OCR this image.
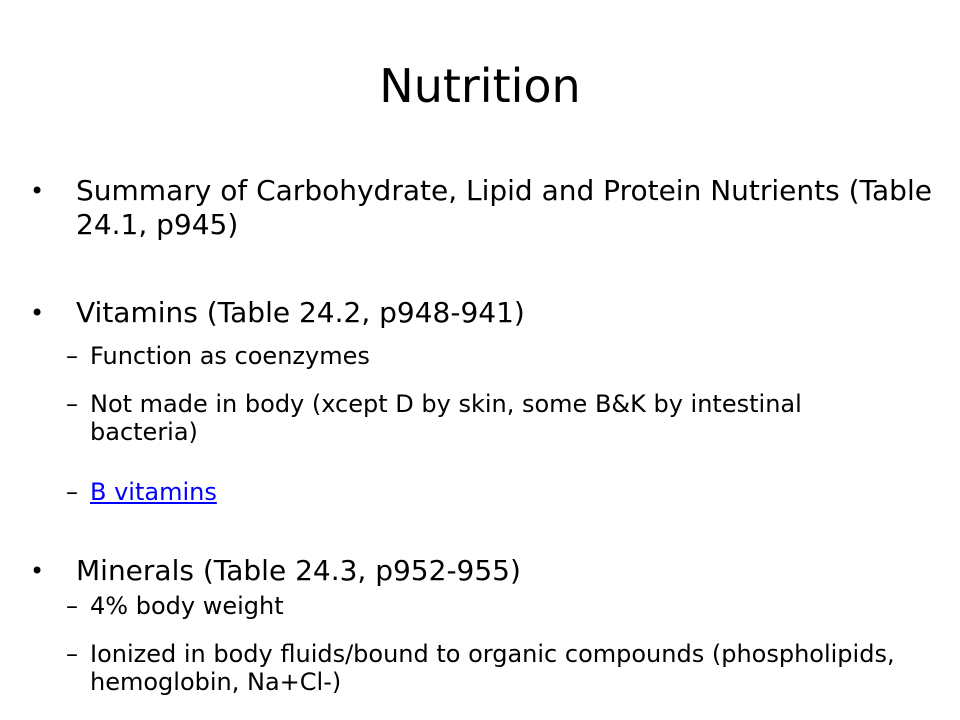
Nutrition
• Summary of Carbohydrate, Lipid and Protein Nutrients (Table 24.1, p945)
• Vitamins (Table 24.2, p948-941)
– Function as coenzymes
– Not made in body (xcept D by skin, some B&K by intestinal bacteria)
– B vitamins
• Minerals (Table 24.3, p952-955)
– 4% body weight
– Ionized in body fluids/bound to organic compounds (phospholipids, hemoglobin, Na+Cl-)
